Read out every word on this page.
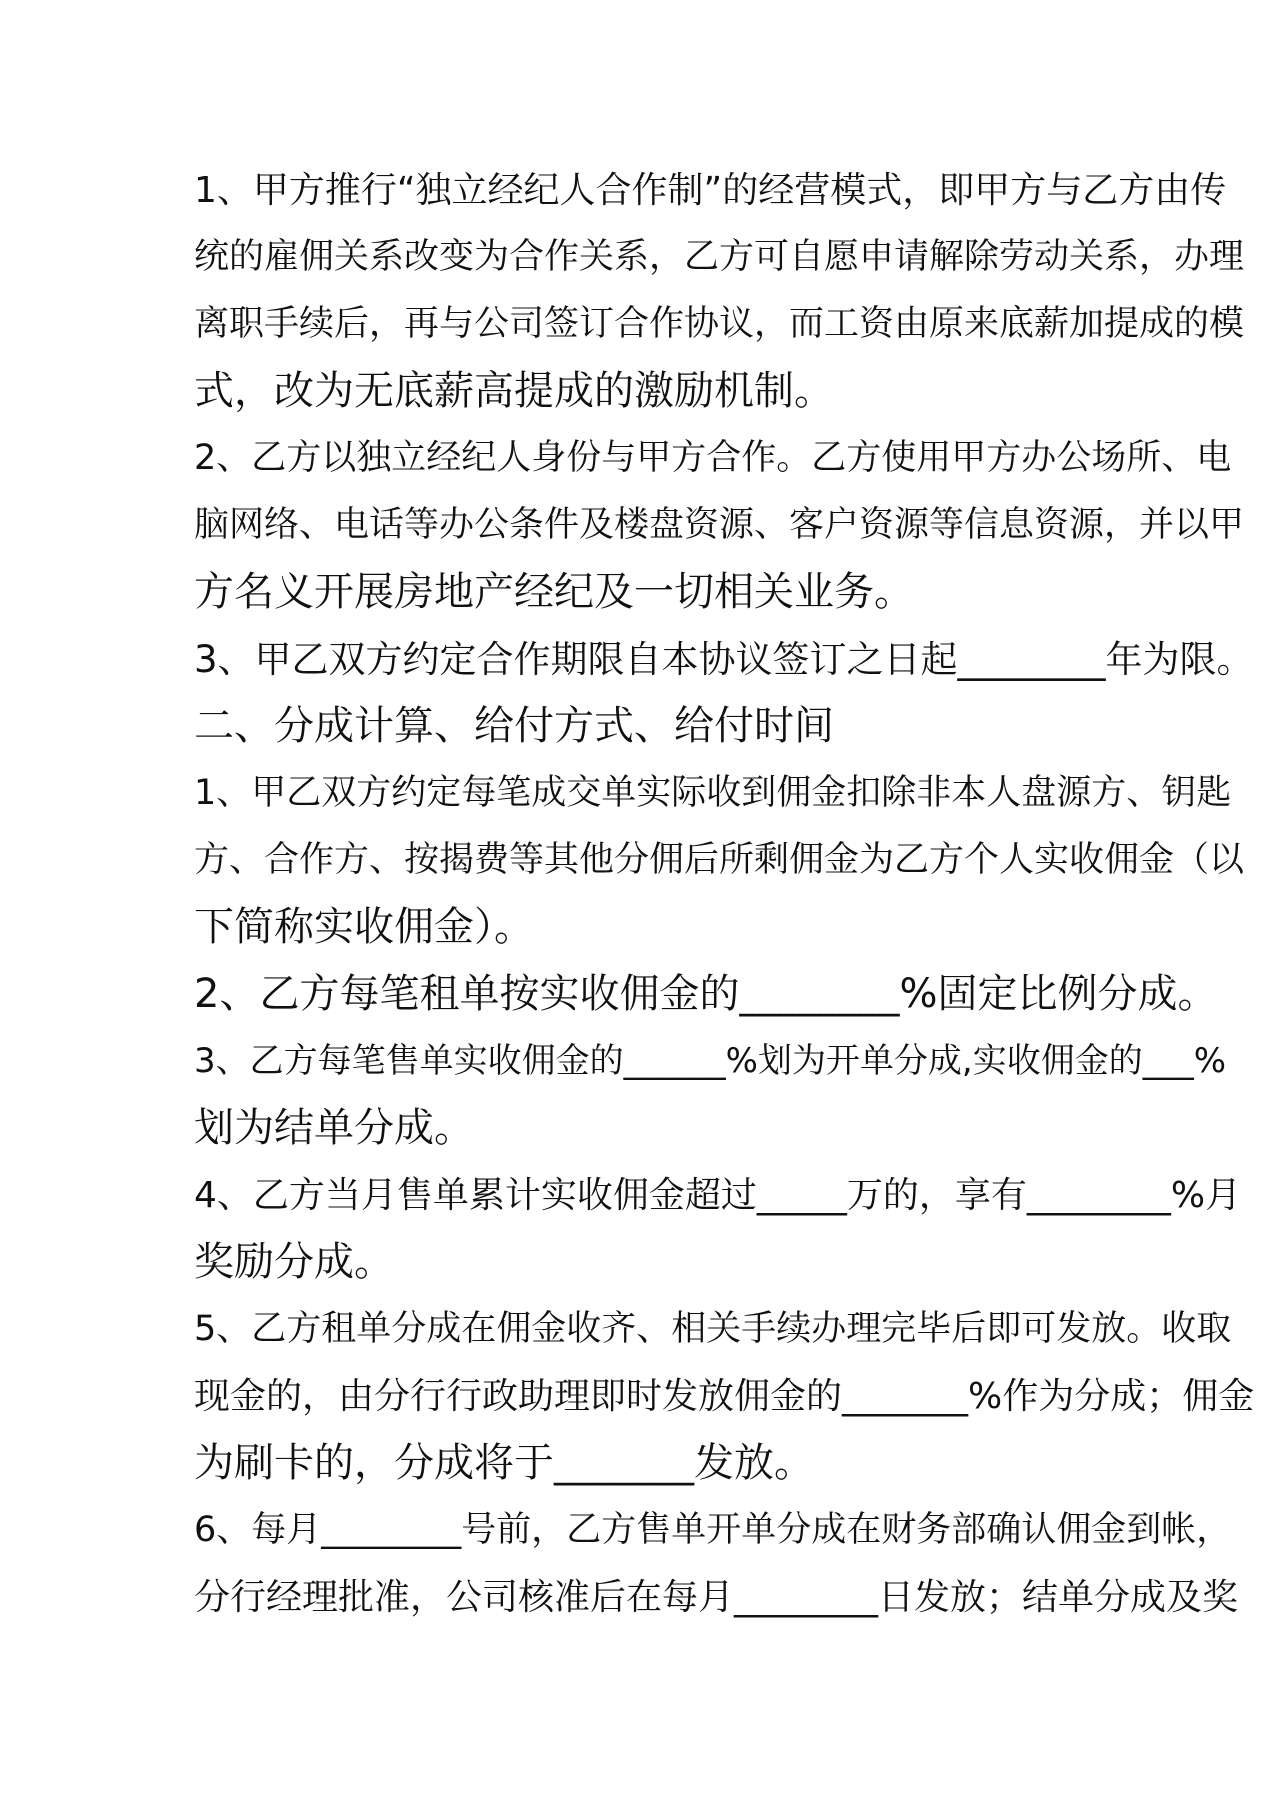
1、甲方推行“独立经纪人合作制”的经营模式，即甲方与乙方由传
统的雇佣关系改变为合作关系，乙方可自愿申请解除劳动关系，办理
离职手续后，再与公司签订合作协议，而工资由原来底薪加提成的模
式，改为无底薪高提成的激励机制。
2、乙方以独立经纪人身份与甲方合作。乙方使用甲方办公场所、电
脑网络、电话等办公条件及楼盘资源、客户资源等信息资源，并以甲
方名义开展房地产经纪及一切相关业务。
3、甲乙双方约定合作期限自本协议签订之日起________年为限。
二、分成计算、给付方式、给付时间
1、甲乙双方约定每笔成交单实际收到佣金扣除非本人盘源方、钥匙
方、合作方、按揭费等其他分佣后所剩佣金为乙方个人实收佣金（以
下简称实收佣金）。
2、乙方每笔租单按实收佣金的________%固定比例分成。
3、乙方每笔售单实收佣金的______%划为开单分成,实收佣金的___%
划为结单分成。
4、乙方当月售单累计实收佣金超过_____万的，享有________%月
奖励分成。
5、乙方租单分成在佣金收齐、相关手续办理完毕后即可发放。收取
现金的，由分行行政助理即时发放佣金的_______%作为分成；佣金
为刷卡的，分成将于_______发放。
6、每月________号前，乙方售单开单分成在财务部确认佣金到帐，
分行经理批准，公司核准后在每月________日发放；结单分成及奖
